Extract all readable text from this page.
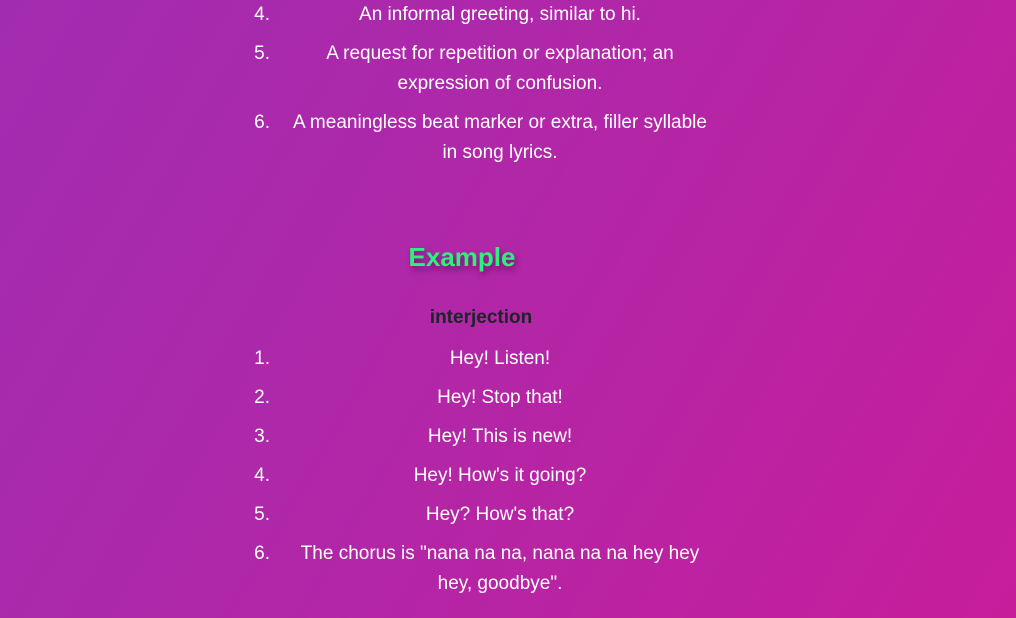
4.	An informal greeting, similar to hi.
5.	A request for repetition or explanation; an expression of confusion.
6. A meaningless beat marker or extra, filler syllable in song lyrics.
Example
interjection
1.	Hey! Listen!
2.	Hey! Stop that!
3.	Hey! This is new!
4.	Hey! How's it going?
5.	Hey? How's that?
6. The chorus is "nana na na, nana na na hey hey hey, goodbye".
